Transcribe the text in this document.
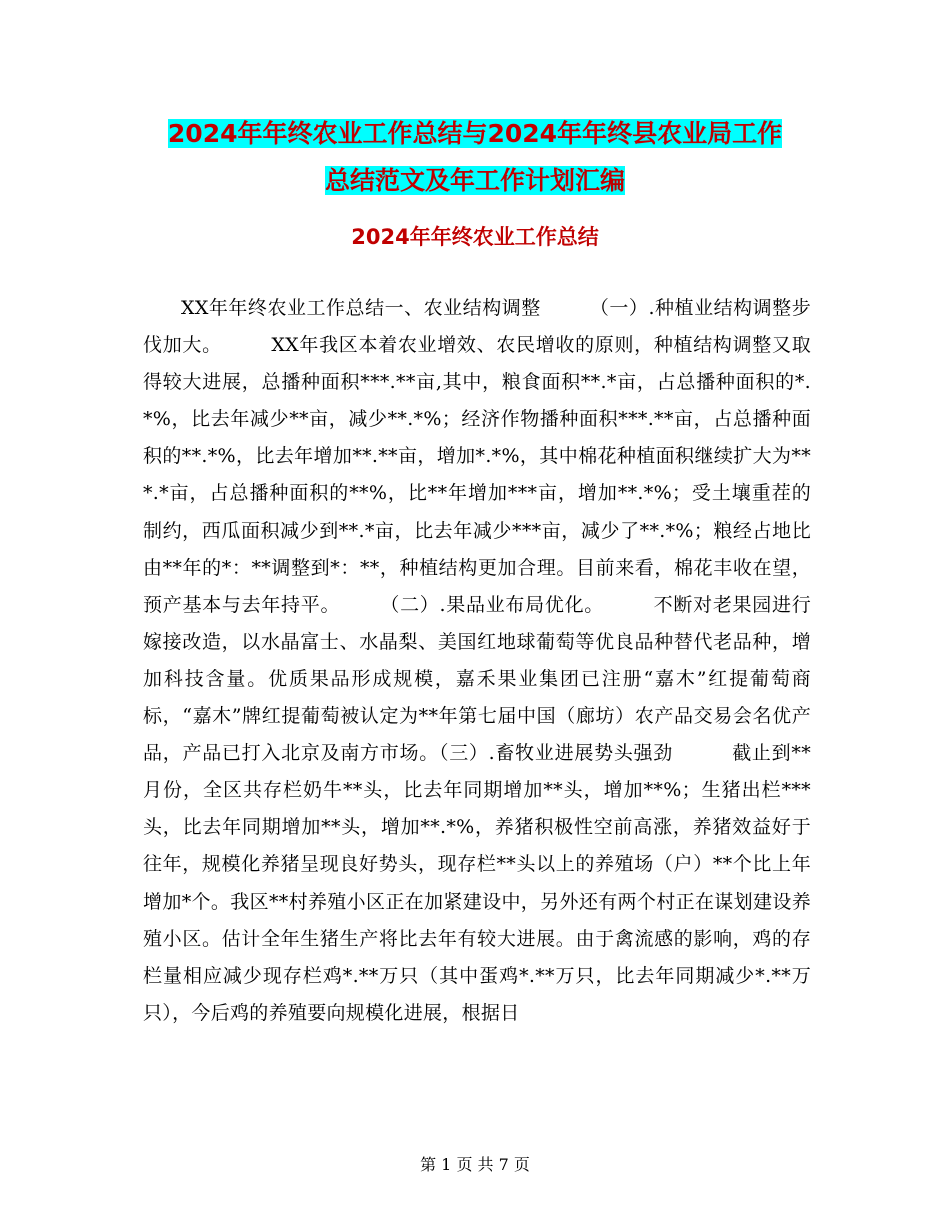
2024年年终农业工作总结与2024年年终县农业局工作
总结范文及年工作计划汇编
2024年年终农业工作总结
XX年年终农业工作总结一、农业结构调整　　　（一）.种植业结构调整步伐加大。　　　XX年我区本着农业增效、农民增收的原则，种植结构调整又取得较大进展，总播种面积***.**亩,其中，粮食面积**.*亩，占总播种面积的*.*%，比去年减少**亩，减少**.*%；经济作物播种面积***.**亩，占总播种面积的**.*%，比去年增加**.**亩，增加*.*%，其中棉花种植面积继续扩大为***.*亩，占总播种面积的**%，比**年增加***亩，增加**.*%；受土壤重茬的制约，西瓜面积减少到**.*亩，比去年减少***亩，减少了**.*%；粮经占地比由**年的*：**调整到*：**，种植结构更加合理。目前来看，棉花丰收在望，预产基本与去年持平。　　　（二）.果品业布局优化。　　　不断对老果园进行嫁接改造，以水晶富士、水晶梨、美国红地球葡萄等优良品种替代老品种，增加科技含量。优质果品形成规模，嘉禾果业集团已注册“嘉木”红提葡萄商标，“嘉木”牌红提葡萄被认定为**年第七届中国（廊坊）农产品交易会名优产品，产品已打入北京及南方市场。（三）.畜牧业进展势头强劲　　　截止到**月份，全区共存栏奶牛**头，比去年同期增加**头，增加**%；生猪出栏***头，比去年同期增加**头，增加**.*%，养猪积极性空前高涨，养猪效益好于往年，规模化养猪呈现良好势头，现存栏**头以上的养殖场（户）**个比上年增加*个。我区**村养殖小区正在加紧建设中，另外还有两个村正在谋划建设养殖小区。估计全年生猪生产将比去年有较大进展。由于禽流感的影响，鸡的存栏量相应减少现存栏鸡*.**万只（其中蛋鸡*.**万只，比去年同期减少*.**万只），今后鸡的养殖要向规模化进展，根据日
第 1 页 共 7 页
